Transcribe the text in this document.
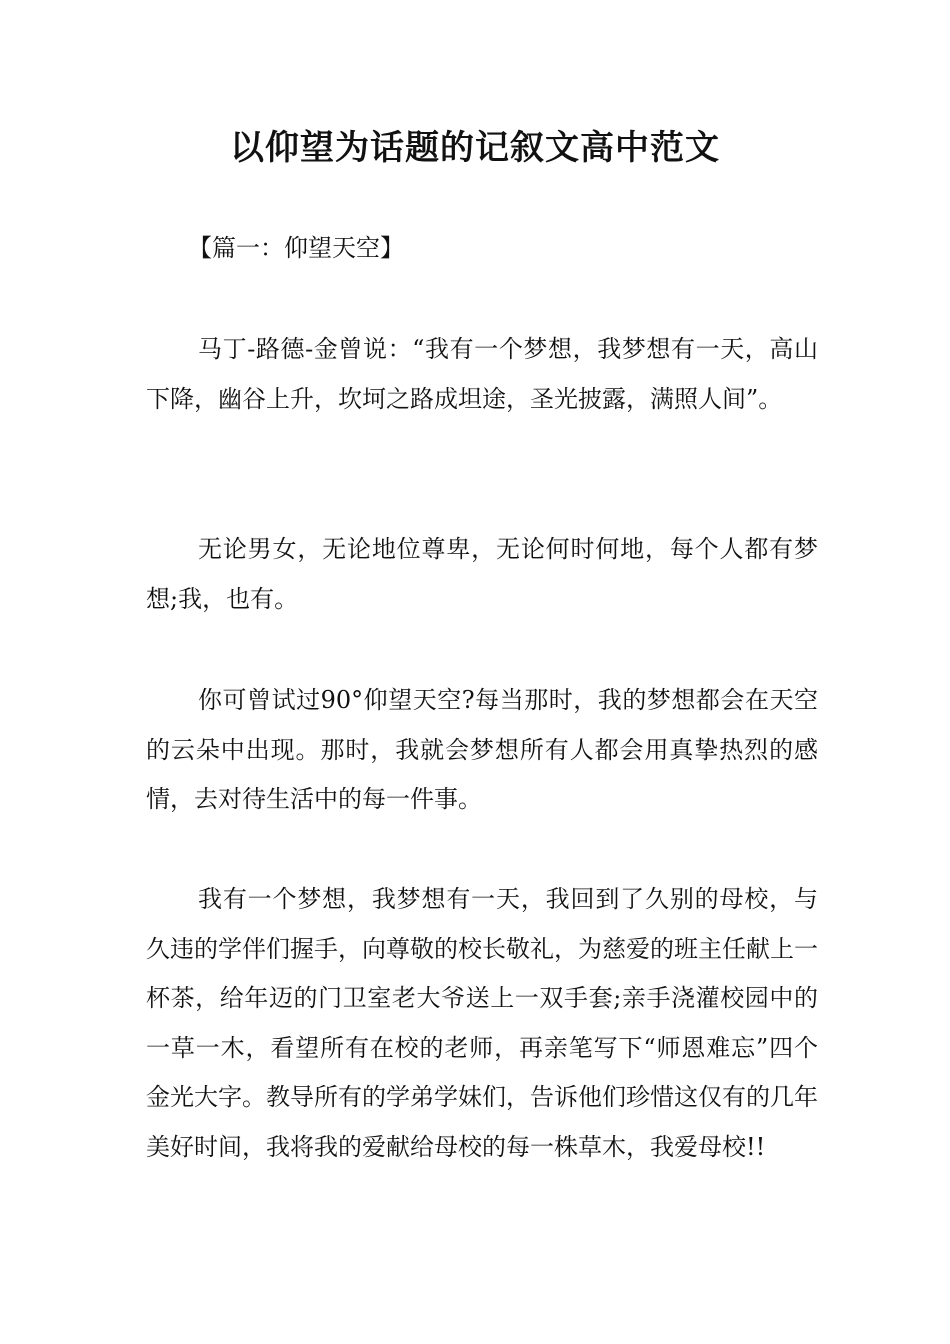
以仰望为话题的记叙文高中范文

【篇一：仰望天空】

马丁-路德-金曾说：“我有一个梦想，我梦想有一天，高山下降，幽谷上升，坎坷之路成坦途，圣光披露，满照人间”。

无论男女，无论地位尊卑，无论何时何地，每个人都有梦想;我，也有。

你可曾试过90°仰望天空?每当那时，我的梦想都会在天空的云朵中出现。那时，我就会梦想所有人都会用真挚热烈的感情，去对待生活中的每一件事。

我有一个梦想，我梦想有一天，我回到了久别的母校，与久违的学伴们握手，向尊敬的校长敬礼，为慈爱的班主任献上一杯茶，给年迈的门卫室老大爷送上一双手套;亲手浇灌校园中的一草一木，看望所有在校的老师，再亲笔写下“师恩难忘”四个金光大字。教导所有的学弟学妹们，告诉他们珍惜这仅有的几年美好时间，我将我的爱献给母校的每一株草木，我爱母校!!
